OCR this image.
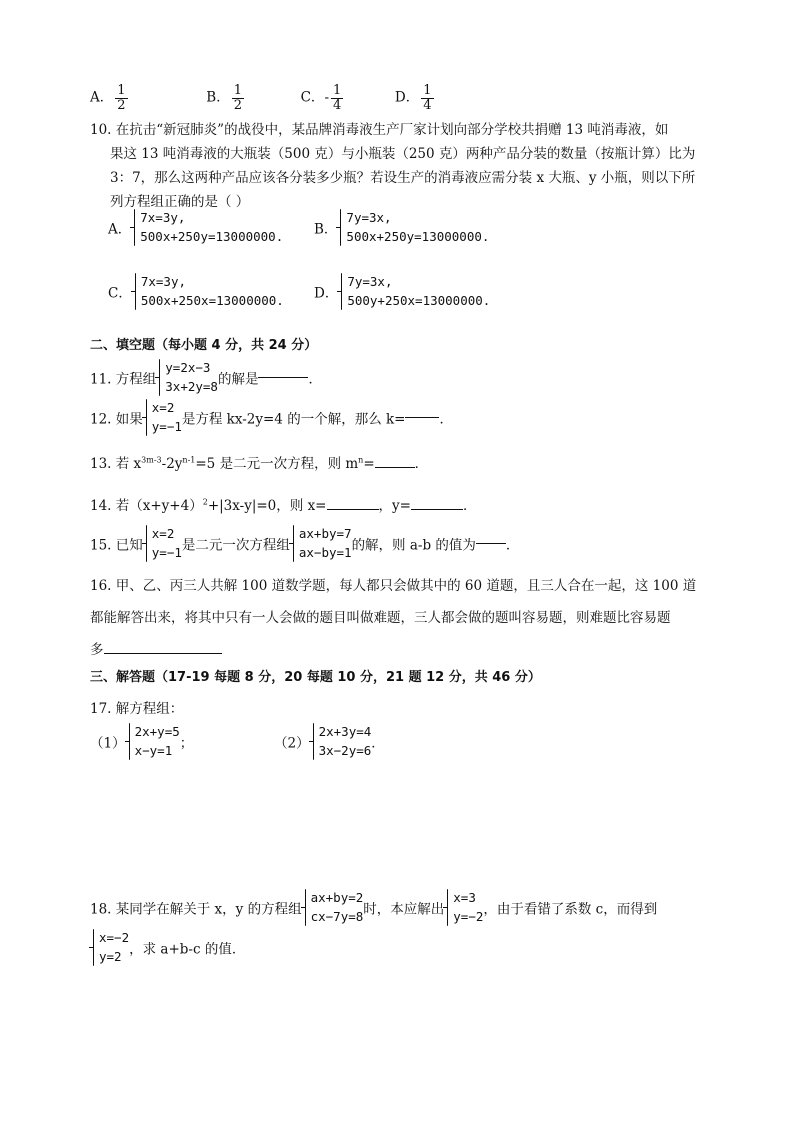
A． $\frac{1}{2}$	B． $\frac{1}{2}$	C．- $\frac{1}{4}$	D． $\frac{1}{4}$
10. 在抗击“新冠肺炎”的战役中，某品牌消毒液生产厂家计划向部分学校共捐赠 13 吨消毒液，如
果这 13 吨消毒液的大瓶装（500 克）与小瓶装（250 克）两种产品分装的数量（按瓶计算）比为
3：7，那么这两种产品应该各分装多少瓶？若设生产的消毒液应需分装 x 大瓶、y 小瓶，则以下所
列方程组正确的是（ ）
A．
7x=3y,
500x+250y=13000000. B．
7y=3x,
500x+250y=13000000.
C．
7x=3y,
500x+250x=13000000. D．
7y=3x,
500y+250x=13000000.
二、填空题（每小题 4 分，共 24 分）
11. 方程组
y=2x−3
3x+2y=8 的解是	．
12. 如果
x=2
y=−1 是方程 kx-2y=4 的一个解，那么 k=	．
13. 若 $x^{3m-3}-2y^{n-1}=5$ 是二元一次方程，则 $m^n=$	．
14. 若$(x+y+4)^2+|3x-y|=0$，则 x=	，y=	．
15. 已知
x=2
y=−1 是二元一次方程组
ax+by=7
ax−by=1 的解，则 a-b 的值为 ．
16. 甲、乙、丙三人共解 100 道数学题，每人都只会做其中的 60 道题，且三人合在一起，这 100 道
都能解答出来，将其中只有一人会做的题目叫做难题，三人都会做的题叫容易题，则难题比容易题
多
三、解答题（17-19 每题 8 分，20 每题 10 分，21 题 12 分，共 46 分）
17. 解方程组：
（1）
2x+y=5
x−y=1 ；	（2）
2x+3y=4
3x−2y=6 ．
18. 某同学在解关于 x，y 的方程组
ax+by=2
cx−7y=8 时，本应解出
x=3
y=−2 ，由于看错了系数 c，而得到
x=−2
y=2 ，求 a+b-c 的值．
